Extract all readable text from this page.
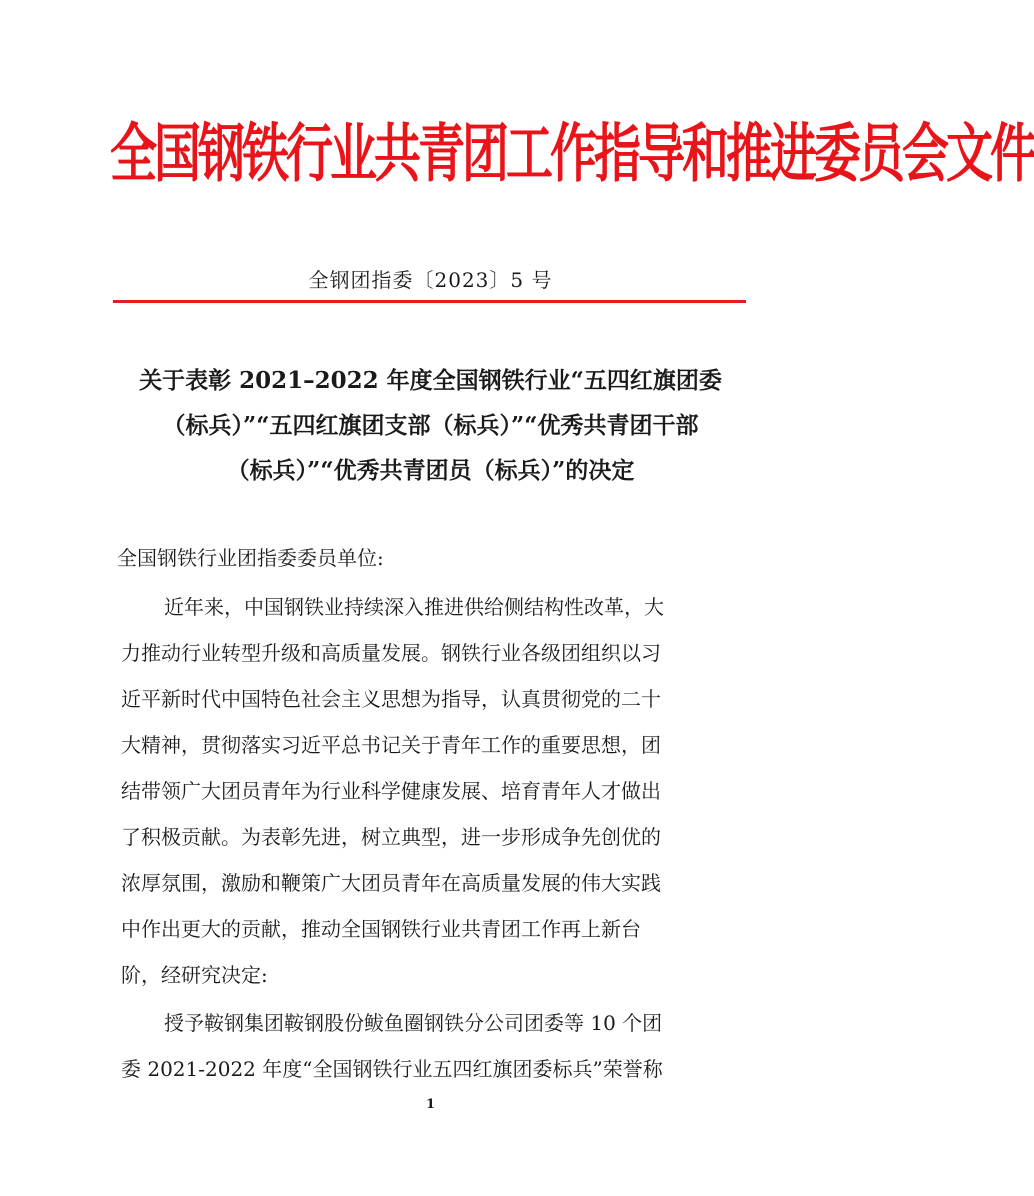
全国钢铁行业共青团工作指导和推进委员会文件
全钢团指委〔2023〕5 号
关于表彰 2021–2022 年度全国钢铁行业“五四红旗团委
（标兵）”“五四红旗团支部（标兵）”“优秀共青团干部
（标兵）”“优秀共青团员（标兵）”的决定
全国钢铁行业团指委委员单位:
近年来，中国钢铁业持续深入推进供给侧结构性改革，大
力推动行业转型升级和高质量发展。钢铁行业各级团组织以习
近平新时代中国特色社会主义思想为指导，认真贯彻党的二十
大精神，贯彻落实习近平总书记关于青年工作的重要思想，团
结带领广大团员青年为行业科学健康发展、培育青年人才做出
了积极贡献。为表彰先进，树立典型，进一步形成争先创优的
浓厚氛围，激励和鞭策广大团员青年在高质量发展的伟大实践
中作出更大的贡献，推动全国钢铁行业共青团工作再上新台
阶，经研究决定:
授予鞍钢集团鞍钢股份鲅鱼圈钢铁分公司团委等 10 个团
委 2021-2022 年度“全国钢铁行业五四红旗团委标兵”荣誉称
1
